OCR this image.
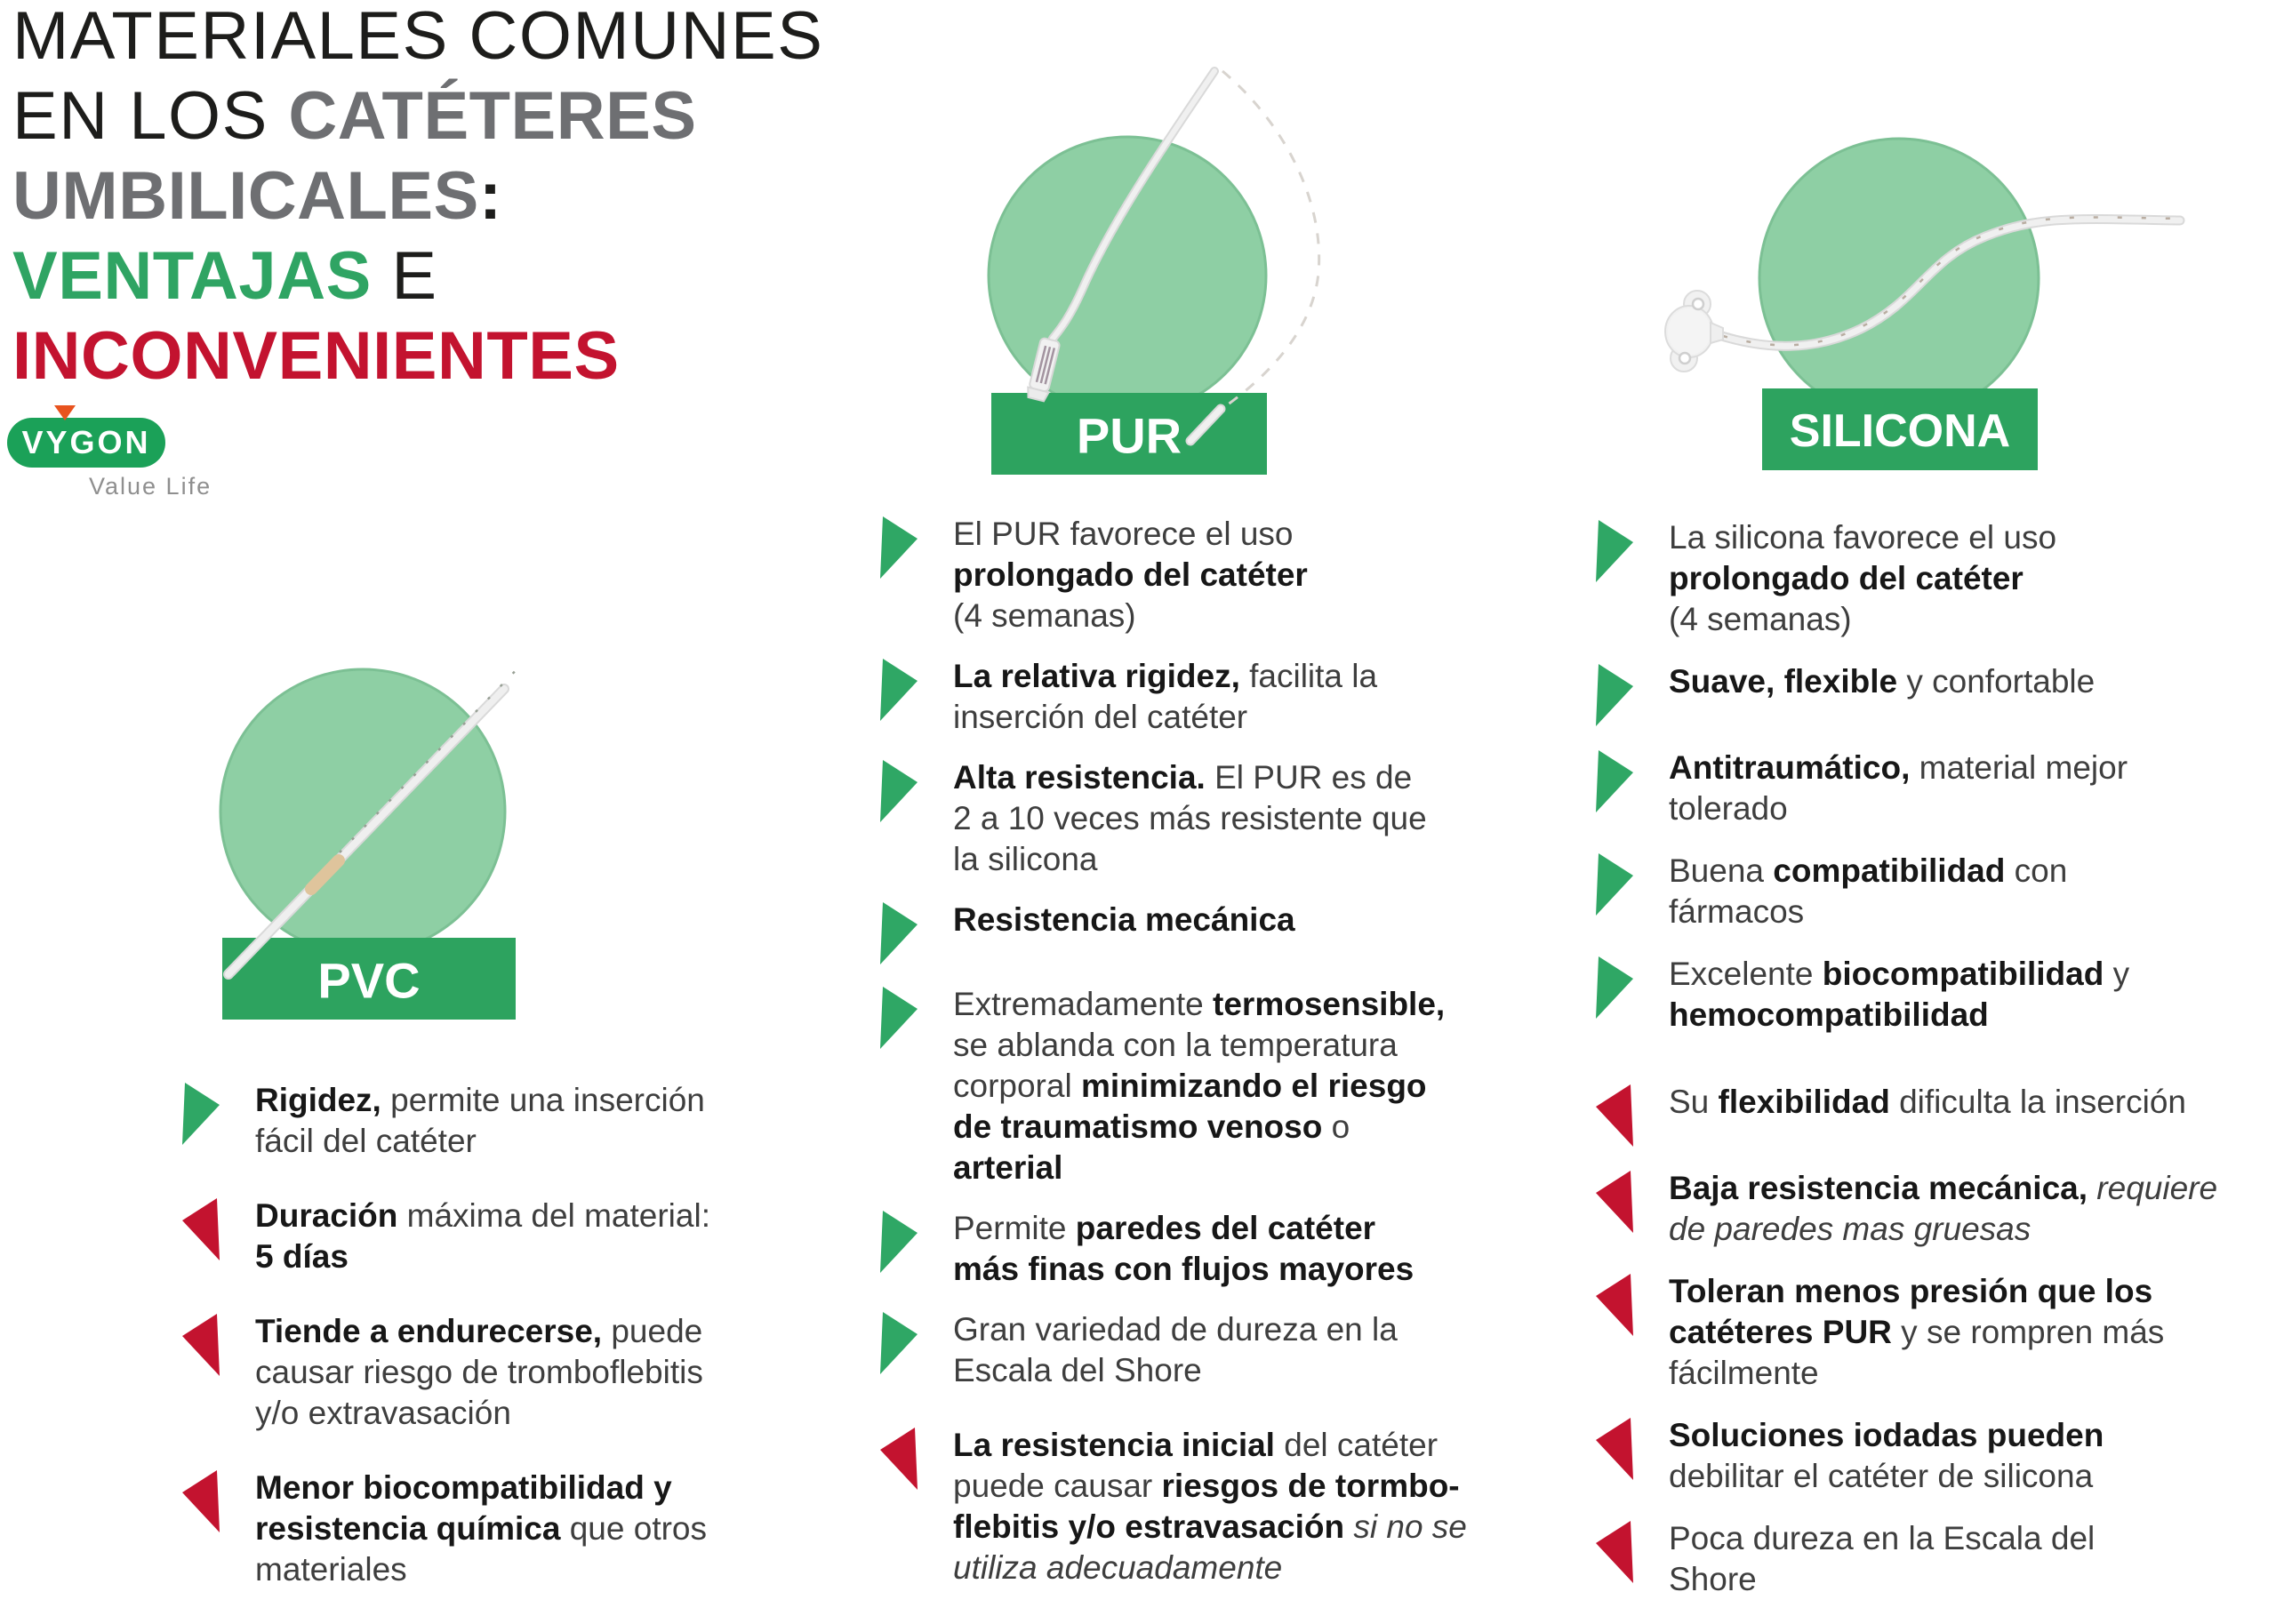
MATERIALES COMUNES
EN LOS CATÉTERES
UMBILICALES:
VENTAJAS E
INCONVENIENTES
VYGON
Value Life
PVC
PUR	SILICONA

Rigidez, permite una inserción
fácil del catéter

Duración máxima del material:
5 días

Tiende a endurecerse, puede
causar riesgo de tromboflebitis
y/o extravasación

Menor biocompatibilidad y
resistencia química que otros
materiales

El PUR favorece el uso
prolongado del catéter
(4 semanas)

La relativa rigidez, facilita la
inserción del catéter

Alta resistencia. El PUR es de
2 a 10 veces más resistente que
la silicona

Resistencia mecánica

Extremadamente termosensible,
se ablanda con la temperatura
corporal minimizando el riesgo
de traumatismo venoso o
arterial

Permite paredes del catéter
más finas con flujos mayores

Gran variedad de dureza en la
Escala del Shore

La resistencia inicial del catéter
puede causar riesgos de tormbo-
flebitis y/o estravasación si no se
utiliza adecuadamente

La silicona favorece el uso
prolongado del catéter
(4 semanas)

Suave, flexible y confortable

Antitraumático, material mejor
tolerado

Buena compatibilidad con
fármacos

Excelente biocompatibilidad y
hemocompatibilidad

Su flexibilidad dificulta la inserción

Baja resistencia mecánica, requiere
de paredes mas gruesas

Toleran menos presión que los
catéteres PUR y se rompren más
fácilmente

Soluciones iodadas pueden
debilitar el catéter de silicona

Poca dureza en la Escala del
Shore
